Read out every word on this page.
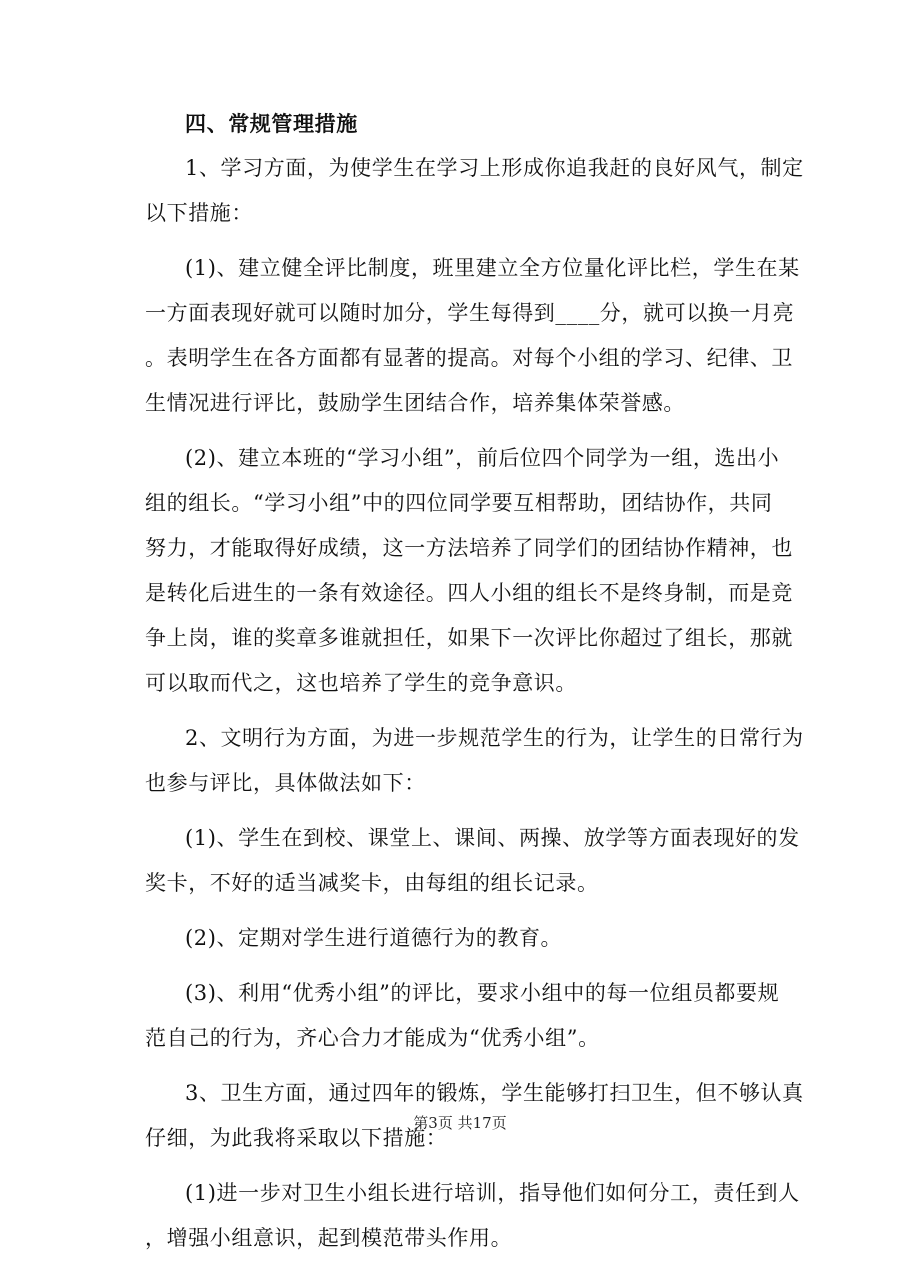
四、常规管理措施
1、学习方面，为使学生在学习上形成你追我赶的良好风气，制定
以下措施：
(1)、建立健全评比制度，班里建立全方位量化评比栏，学生在某
一方面表现好就可以随时加分，学生每得到____分，就可以换一月亮
。表明学生在各方面都有显著的提高。对每个小组的学习、纪律、卫
生情况进行评比，鼓励学生团结合作，培养集体荣誉感。
(2)、建立本班的“学习小组”，前后位四个同学为一组，选出小
组的组长。“学习小组”中的四位同学要互相帮助，团结协作，共同
努力，才能取得好成绩，这一方法培养了同学们的团结协作精神，也
是转化后进生的一条有效途径。四人小组的组长不是终身制，而是竞
争上岗，谁的奖章多谁就担任，如果下一次评比你超过了组长，那就
可以取而代之，这也培养了学生的竞争意识。
2、文明行为方面，为进一步规范学生的行为，让学生的日常行为
也参与评比，具体做法如下：
(1)、学生在到校、课堂上、课间、两操、放学等方面表现好的发
奖卡，不好的适当减奖卡，由每组的组长记录。
(2)、定期对学生进行道德行为的教育。
(3)、利用“优秀小组”的评比，要求小组中的每一位组员都要规
范自己的行为，齐心合力才能成为“优秀小组”。
3、卫生方面，通过四年的锻炼，学生能够打扫卫生，但不够认真
仔细，为此我将采取以下措施：
(1)进一步对卫生小组长进行培训，指导他们如何分工，责任到人
，增强小组意识，起到模范带头作用。
第3页 共17页
